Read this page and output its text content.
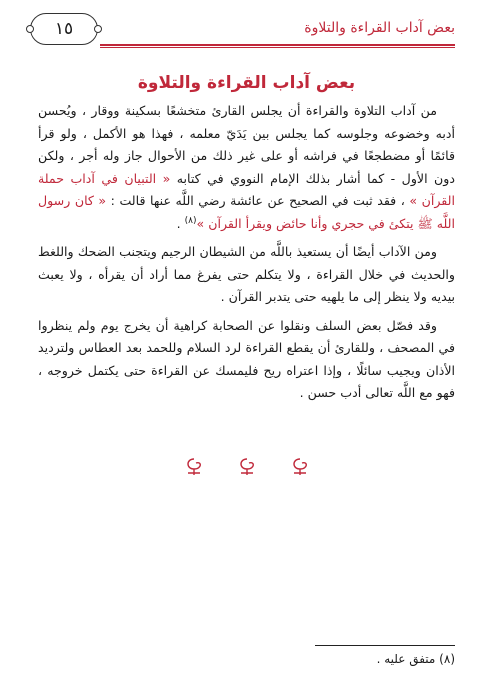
بعض آداب القراءة والتلاوة
١٥
بعض آداب القراءة والتلاوة

من آداب التلاوة والقراءة أن يجلس القارئ متخشعًا بسكينة ووقار ، ويُحسن أدبه وخضوعه وجلوسه كما يجلس بين يَدَيّ معلمه ، فهذا هو الأكمل ، ولو قرأ قائمًا أو مضطجعًا في فراشه أو على غير ذلك من الأحوال جاز وله أجر ، ولكن دون الأول - كما أشار بذلك الإمام النووي في كتابه « التبيان في آداب حملة القرآن » ، فقد ثبت في الصحيح عن عائشة رضي اللَّه عنها قالت : « كان رسول اللَّه ﷺ يتكئ في حجري وأنا حائض ويقرأ القرآن »$^{(٨)}$ .

ومن الآداب أيضًا أن يستعيذ باللَّه من الشيطان الرجيم ويتجنب الضحك واللغط والحديث في خلال القراءة ، ولا يتكلم حتى يفرغ مما أراد أن يقرأه ، ولا يعبث بيديه ولا ينظر إلى ما يلهيه حتى يتدبر القرآن .

وقد فصّل بعض السلف ونقلوا عن الصحابة كراهية أن يخرج يوم ولم ينظروا في المصحف ، وللقارئ أن يقطع القراءة لرد السلام وللحمد بعد العطاس ولترديد الأذان ويجيب سائلًا ، وإذا اعتراه ريح فليمسك عن القراءة حتى يكتمل خروجه ، فهو مع اللَّه تعالى أدب حسن .

(٨) متفق عليه .
